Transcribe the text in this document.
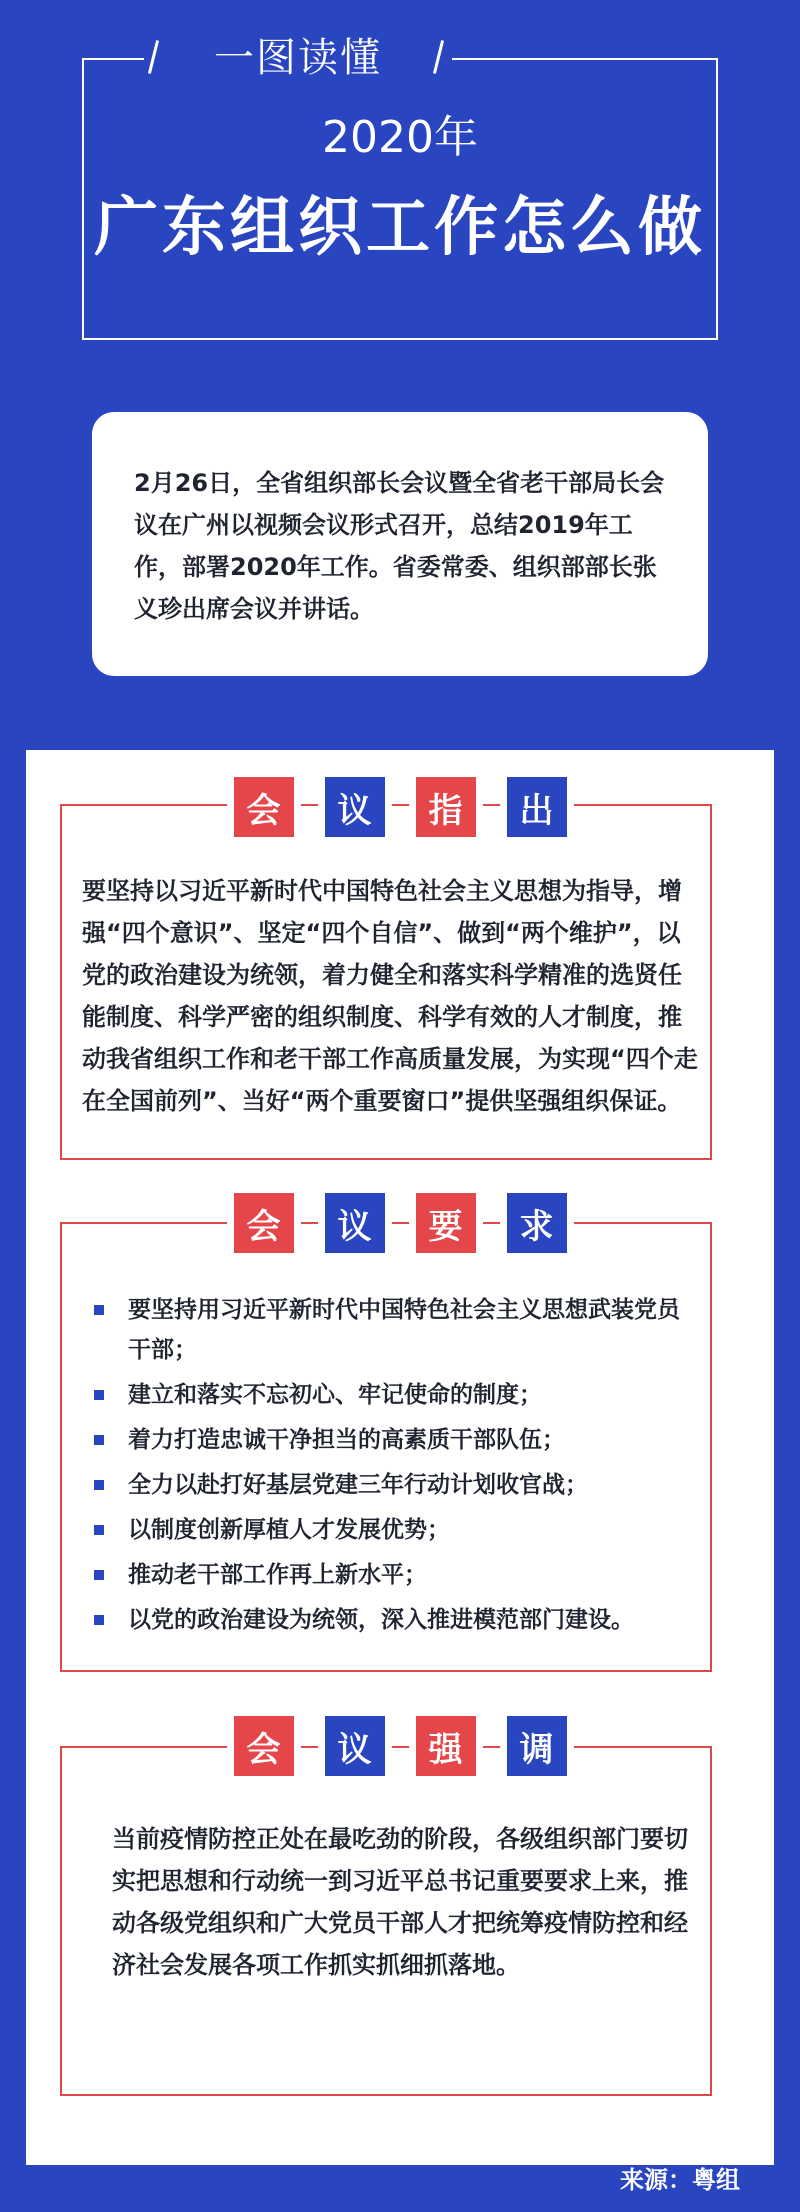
一图读懂
2020年
广东组织工作怎么做
2月26日，全省组织部长会议暨全省老干部局长会议在广州以视频会议形式召开，总结2019年工作，部署2020年工作。省委常委、组织部部长张义珍出席会议并讲话。
会	议	指	出
要坚持以习近平新时代中国特色社会主义思想为指导，增强“四个意识”、坚定“四个自信”、做到“两个维护”，以党的政治建设为统领，着力健全和落实科学精准的选贤任能制度、科学严密的组织制度、科学有效的人才制度，推动我省组织工作和老干部工作高质量发展，为实现“四个走在全国前列”、当好“两个重要窗口”提供坚强组织保证。
会	议	要	求
要坚持用习近平新时代中国特色社会主义思想武装党员干部；
建立和落实不忘初心、牢记使命的制度；
着力打造忠诚干净担当的高素质干部队伍；
全力以赴打好基层党建三年行动计划收官战；
以制度创新厚植人才发展优势；
推动老干部工作再上新水平；
以党的政治建设为统领，深入推进模范部门建设。
会	议	强	调
当前疫情防控正处在最吃劲的阶段，各级组织部门要切实把思想和行动统一到习近平总书记重要要求上来，推动各级党组织和广大党员干部人才把统筹疫情防控和经济社会发展各项工作抓实抓细抓落地。
来源：粤组
